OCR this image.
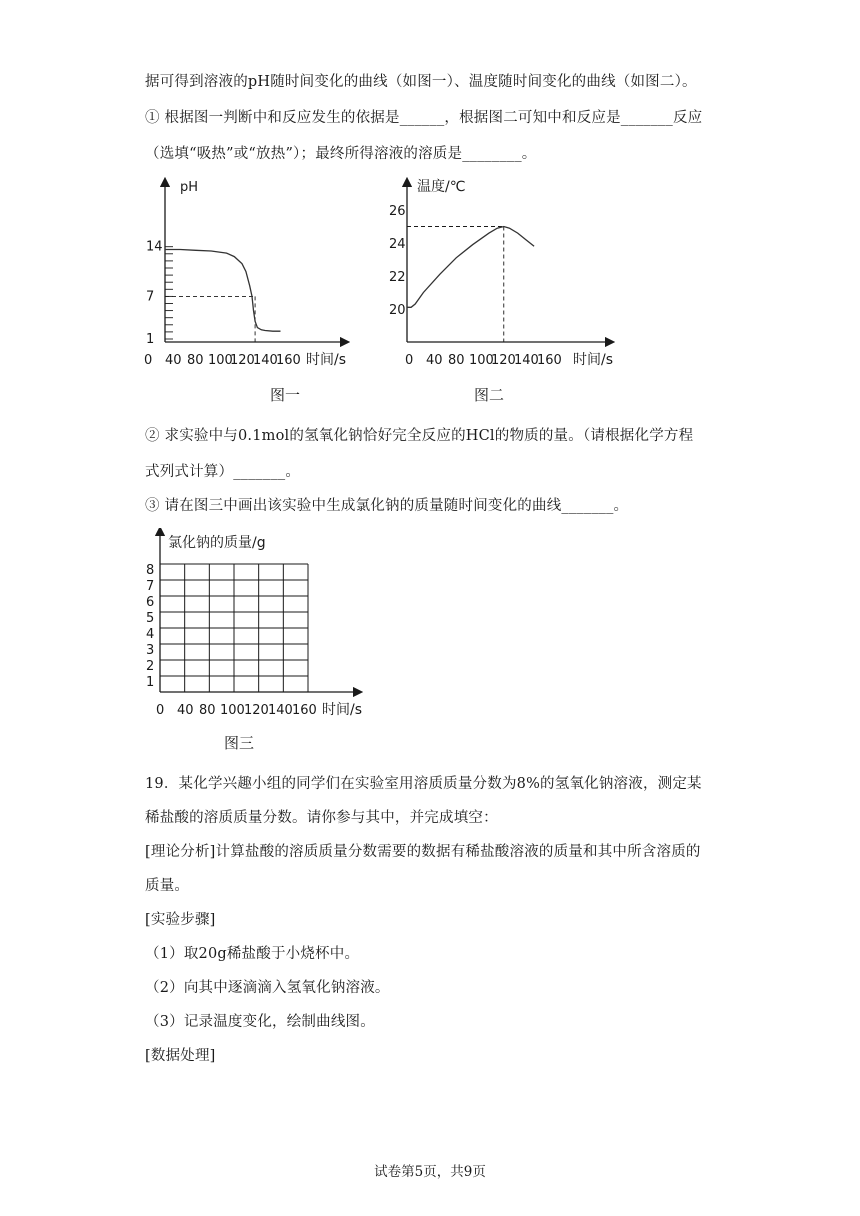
据可得到溶液的pH随时间变化的曲线（如图一）、温度随时间变化的曲线（如图二）。
① 根据图一判断中和反应发生的依据是______，根据图二可知中和反应是_______反应
（选填“吸热”或“放热”）；最终所得溶液的溶质是________。
pH
时间/s
0 40 80 100
120
140
160
1
7
14
图一
温度/℃
时间/s
0 40 80 100
120
140
160
20
22
24
26
图二
② 求实验中与0.1mol的氢氧化钠恰好完全反应的HCl的物质的量。（请根据化学方程
式列式计算）_______。
③ 请在图三中画出该实验中生成氯化钠的质量随时间变化的曲线_______。
氯化钠的质量/g
时间/s
1
2
3
4
5
6
7
8
0 40 80 100 120 140 160
图三
19．某化学兴趣小组的同学们在实验室用溶质质量分数为8%的氢氧化钠溶液，测定某
稀盐酸的溶质质量分数。请你参与其中，并完成填空：
[理论分析]计算盐酸的溶质质量分数需要的数据有稀盐酸溶液的质量和其中所含溶质的
质量。
[实验步骤]
（1）取20g稀盐酸于小烧杯中。
（2）向其中逐滴滴入氢氧化钠溶液。
（3）记录温度变化，绘制曲线图。
[数据处理]
试卷第5页，共9页
